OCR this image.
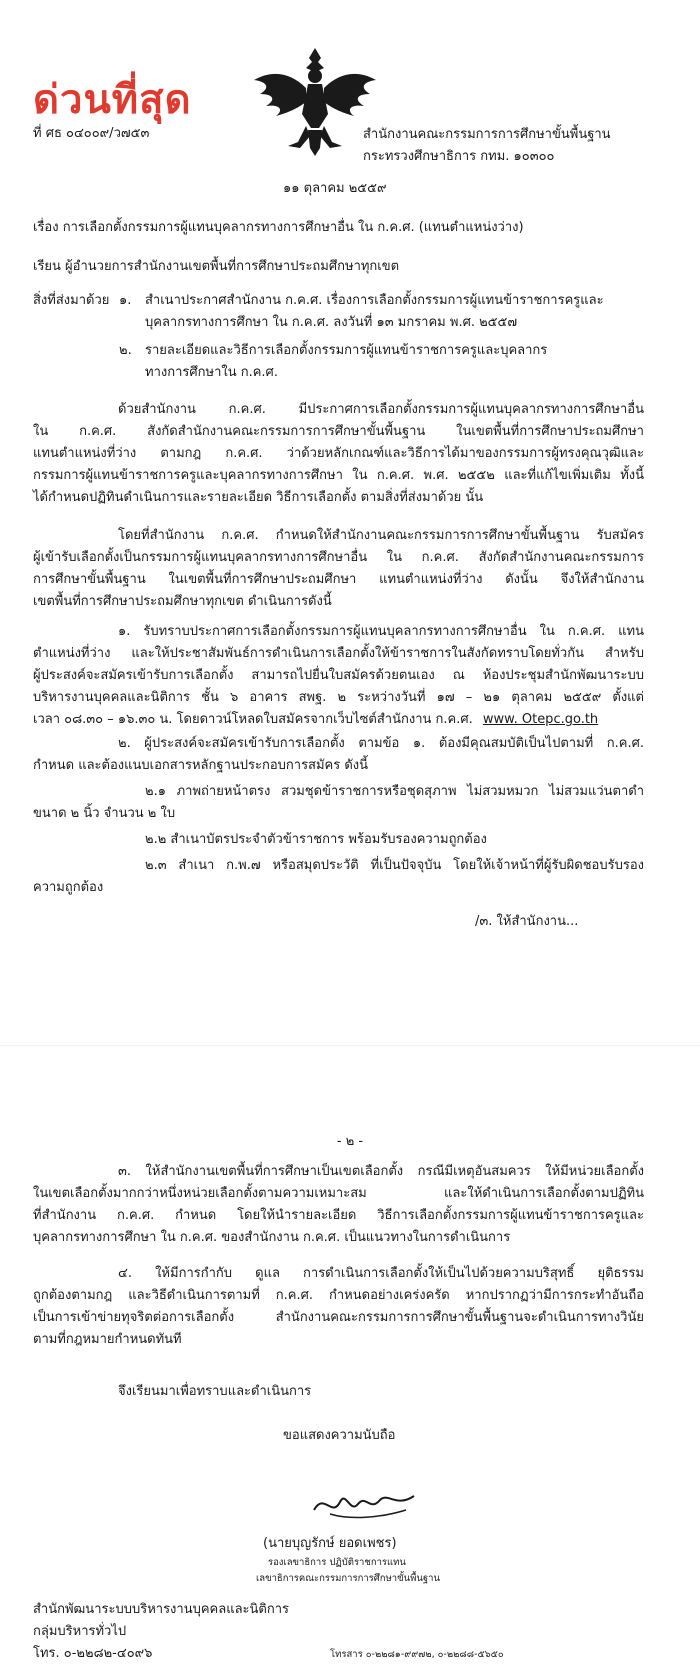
ด่วนที่สุด
ที่ ศธ ๐๔๐๐๙/ว๗๕๓	สำนักงานคณะกรรมการการศึกษาขั้นพื้นฐาน
กระทรวงศึกษาธิการ กทม. ๑๐๓๐๐
๑๑ ตุลาคม ๒๕๕๙
เรื่อง การเลือกตั้งกรรมการผู้แทนบุคลากรทางการศึกษาอื่น ใน ก.ค.ศ. (แทนตำแหน่งว่าง)
เรียน ผู้อำนวยการสำนักงานเขตพื้นที่การศึกษาประถมศึกษาทุกเขต
สิ่งที่ส่งมาด้วย ๑. สำเนาประกาศสำนักงาน ก.ค.ศ. เรื่องการเลือกตั้งกรรมการผู้แทนข้าราชการครูและ
บุคลากรทางการศึกษา ใน ก.ค.ศ. ลงวันที่ ๑๓ มกราคม พ.ศ. ๒๕๕๗
๒. รายละเอียดและวิธีการเลือกตั้งกรรมการผู้แทนข้าราชการครูและบุคลากร
ทางการศึกษาใน ก.ค.ศ.
ด้วยสำนักงาน ก.ค.ศ. มีประกาศการเลือกตั้งกรรมการผู้แทนบุคลากรทางการศึกษาอื่น
ใน ก.ค.ศ. สังกัดสำนักงานคณะกรรมการการศึกษาขั้นพื้นฐาน ในเขตพื้นที่การศึกษาประถมศึกษา
แทนตำแหน่งที่ว่าง ตามกฎ ก.ค.ศ. ว่าด้วยหลักเกณฑ์และวิธีการได้มาของกรรมการผู้ทรงคุณวุฒิและ
กรรมการผู้แทนข้าราชการครูและบุคลากรทางการศึกษา ใน ก.ค.ศ. พ.ศ. ๒๕๕๒ และที่แก้ไขเพิ่มเติม ทั้งนี้
ได้กำหนดปฏิทินดำเนินการและรายละเอียด วิธีการเลือกตั้ง ตามสิ่งที่ส่งมาด้วย นั้น
โดยที่สำนักงาน ก.ค.ศ. กำหนดให้สำนักงานคณะกรรมการการศึกษาขั้นพื้นฐาน รับสมัคร
ผู้เข้ารับเลือกตั้งเป็นกรรมการผู้แทนบุคลากรทางการศึกษาอื่น ใน ก.ค.ศ. สังกัดสำนักงานคณะกรรมการ
การศึกษาขั้นพื้นฐาน ในเขตพื้นที่การศึกษาประถมศึกษา แทนตำแหน่งที่ว่าง ดังนั้น จึงให้สำนักงาน
เขตพื้นที่การศึกษาประถมศึกษาทุกเขต ดำเนินการดังนี้
๑. รับทราบประกาศการเลือกตั้งกรรมการผู้แทนบุคลากรทางการศึกษาอื่น ใน ก.ค.ศ. แทน
ตำแหน่งที่ว่าง และให้ประชาสัมพันธ์การดำเนินการเลือกตั้งให้ข้าราชการในสังกัดทราบโดยทั่วกัน สำหรับ
ผู้ประสงค์จะสมัครเข้ารับการเลือกตั้ง สามารถไปยื่นใบสมัครด้วยตนเอง ณ ห้องประชุมสำนักพัฒนาระบบ
บริหารงานบุคคลและนิติการ ชั้น ๖ อาคาร สพฐ. ๒ ระหว่างวันที่ ๑๗ – ๒๑ ตุลาคม ๒๕๕๙ ตั้งแต่
เวลา ๐๘.๓๐ – ๑๖.๓๐ น. โดยดาวน์โหลดใบสมัครจากเว็บไซต์สำนักงาน ก.ค.ศ. www. Otepc.go.th
๒. ผู้ประสงค์จะสมัครเข้ารับการเลือกตั้ง ตามข้อ ๑. ต้องมีคุณสมบัติเป็นไปตามที่ ก.ค.ศ.
กำหนด และต้องแนบเอกสารหลักฐานประกอบการสมัคร ดังนี้
๒.๑ ภาพถ่ายหน้าตรง สวมชุดข้าราชการหรือชุดสุภาพ ไม่สวมหมวก ไม่สวมแว่นตาดำ
ขนาด ๒ นิ้ว จำนวน ๒ ใบ
๒.๒ สำเนาบัตรประจำตัวข้าราชการ พร้อมรับรองความถูกต้อง
๒.๓ สำเนา ก.พ.๗ หรือสมุดประวัติ ที่เป็นปัจจุบัน โดยให้เจ้าหน้าที่ผู้รับผิดชอบรับรอง
ความถูกต้อง
/๓. ให้สำนักงาน...
- ๒ -
๓. ให้สำนักงานเขตพื้นที่การศึกษาเป็นเขตเลือกตั้ง กรณีมีเหตุอันสมควร ให้มีหน่วยเลือกตั้ง
ในเขตเลือกตั้งมากกว่าหนึ่งหน่วยเลือกตั้งตามความเหมาะสม และให้ดำเนินการเลือกตั้งตามปฏิทิน
ที่สำนักงาน ก.ค.ศ. กำหนด โดยให้นำรายละเอียด วิธีการเลือกตั้งกรรมการผู้แทนข้าราชการครูและ
บุคลากรทางการศึกษา ใน ก.ค.ศ. ของสำนักงาน ก.ค.ศ. เป็นแนวทางในการดำเนินการ
๔. ให้มีการกำกับ ดูแล การดำเนินการเลือกตั้งให้เป็นไปด้วยความบริสุทธิ์ ยุติธรรม
ถูกต้องตามกฎ และวิธีดำเนินการตามที่ ก.ค.ศ. กำหนดอย่างเคร่งครัด หากปรากฏว่ามีการกระทำอันถือ
เป็นการเข้าข่ายทุจริตต่อการเลือกตั้ง สำนักงานคณะกรรมการการศึกษาขั้นพื้นฐานจะดำเนินการทางวินัย
ตามที่กฎหมายกำหนดทันที
จึงเรียนมาเพื่อทราบและดำเนินการ
ขอแสดงความนับถือ
(นายบุญรักษ์ ยอดเพชร)
รองเลขาธิการ ปฏิบัติราชการแทน
เลขาธิการคณะกรรมการการศึกษาขั้นพื้นฐาน
สำนักพัฒนาระบบบริหารงานบุคคลและนิติการ
กลุ่มบริหารทั่วไป
โทร. ๐-๒๒๘๒-๔๐๙๖	โทรสาร ๐-๒๒๘๑-๙๙๗๒, ๐-๒๒๘๘-๕๖๕๐
